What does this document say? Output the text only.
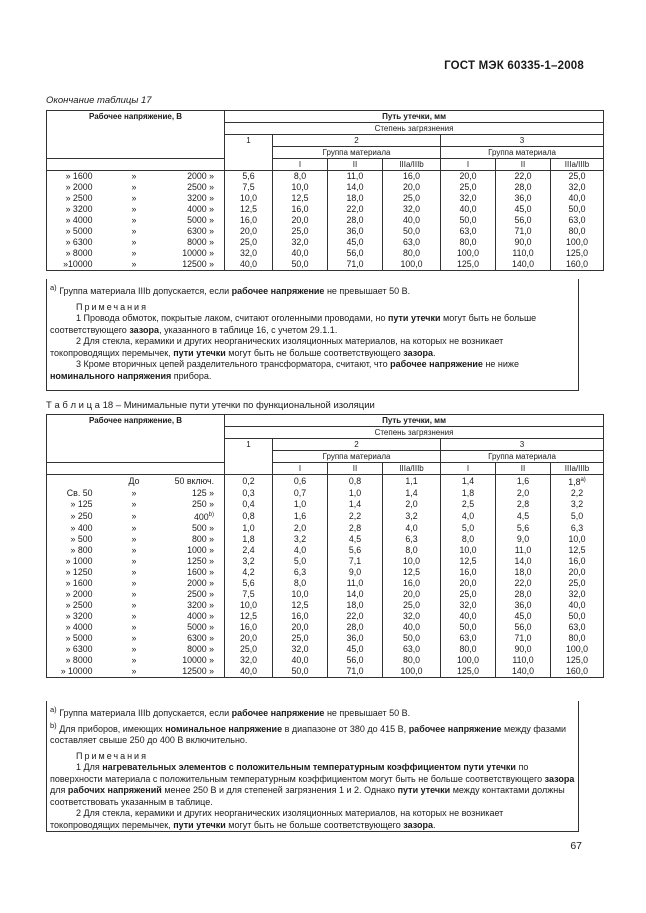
ГОСТ МЭК 60335-1–2008
Окончание таблицы 17
Рабочее напряжение, В			Путь утечки, мм						
			Степень загрязнения						
			1	2			3		
				Группа материала			Группа материала		
				I	II	IIIa/IIIb	I	II	IIIa/IIIb
» 1600	»	2000 »	5,6	8,0	11,0	16,0	20,0	22,0	25,0
» 2000	»	2500 »	7,5	10,0	14,0	20,0	25,0	28,0	32,0
» 2500	»	3200 »	10,0	12,5	18,0	25,0	32,0	36,0	40,0
» 3200	»	4000 »	12,5	16,0	22,0	32,0	40,0	45,0	50,0
» 4000	»	5000 »	16,0	20,0	28,0	40,0	50,0	56,0	63,0
» 5000	»	6300 »	20,0	25,0	36,0	50,0	63,0	71,0	80,0
» 6300	»	8000 »	25,0	32,0	45,0	63,0	80,0	90,0	100,0
» 8000	»	10000 »	32,0	40,0	56,0	80,0	100,0	110,0	125,0
»10000	»	12500 »	40,0	50,0	71,0	100,0	125,0	140,0	160,0

$^{a)}$ Группа материала IIIb допускается, если рабочее напряжение не превышает 50 В.

Примечания

1 Провода обмоток, покрытые лаком, считают оголенными проводами, но пути утечки могут быть не больше соответствующего зазора, указанного в таблице 16, с учетом 29.1.1.

2 Для стекла, керамики и других неорганических изоляционных материалов, на которых не возникает токопроводящих перемычек, пути утечки могут быть не больше соответствующего зазора.

3 Кроме вторичных цепей разделительного трансформатора, считают, что рабочее напряжение не ниже номинального напряжения прибора.

Т а б л и ц а 18 – Минимальные пути утечки по функциональной изоляции
Рабочее напряжение, В			Путь утечки, мм						
			Степень загрязнения						
			1	2			3		
				Группа материала			Группа материала		
				I	II	IIIa/IIIb	I	II	IIIa/IIIb
	До	50 включ.	0,2	0,6	0,8	1,1	1,4	1,6	1,8$^{a)}$
Св. 50	»	125 »	0,3	0,7	1,0	1,4	1,8	2,0	2,2
» 125	»	250 »	0,4	1,0	1,4	2,0	2,5	2,8	3,2
» 250	»	400$^{b)}$	0,8	1,6	2,2	3,2	4,0	4,5	5,0
» 400	»	500 »	1,0	2,0	2,8	4,0	5,0	5,6	6,3
» 500	»	800 »	1,8	3,2	4,5	6,3	8,0	9,0	10,0
» 800	»	1000 »	2,4	4,0	5,6	8,0	10,0	11,0	12,5
» 1000	»	1250 »	3,2	5,0	7,1	10,0	12,5	14,0	16,0
» 1250	»	1600 »	4,2	6,3	9,0	12,5	16,0	18,0	20,0
» 1600	»	2000 »	5,6	8,0	11,0	16,0	20,0	22,0	25,0
» 2000	»	2500 »	7,5	10,0	14,0	20,0	25,0	28,0	32,0
» 2500	»	3200 »	10,0	12,5	18,0	25,0	32,0	36,0	40,0
» 3200	»	4000 »	12,5	16,0	22,0	32,0	40,0	45,0	50,0
» 4000	»	5000 »	16,0	20,0	28,0	40,0	50,0	56,0	63,0
» 5000	»	6300 »	20,0	25,0	36,0	50,0	63,0	71,0	80,0
» 6300	»	8000 »	25,0	32,0	45,0	63,0	80,0	90,0	100,0
» 8000	»	10000 »	32,0	40,0	56,0	80,0	100,0	110,0	125,0
» 10000	»	12500 »	40,0	50,0	71,0	100,0	125,0	140,0	160,0

$^{a)}$ Группа материала IIIb допускается, если рабочее напряжение не превышает 50 В.

$^{b)}$ Для приборов, имеющих номинальное напряжение в диапазоне от 380 до 415 В, рабочее напряжение между фазами составляет свыше 250 до 400 В включительно.

Примечания

1 Для нагревательных элементов с положительным температурным коэффициентом пути утечки по поверхности материала с положительным температурным коэффициентом могут быть не больше соответствующего зазора для рабочих напряжений менее 250 В и для степеней загрязнения 1 и 2. Однако пути утечки между контактами должны соответствовать указанным в таблице.

2 Для стекла, керамики и других неорганических изоляционных материалов, на которых не возникает токопроводящих перемычек, пути утечки могут быть не больше соответствующего зазора.

67
